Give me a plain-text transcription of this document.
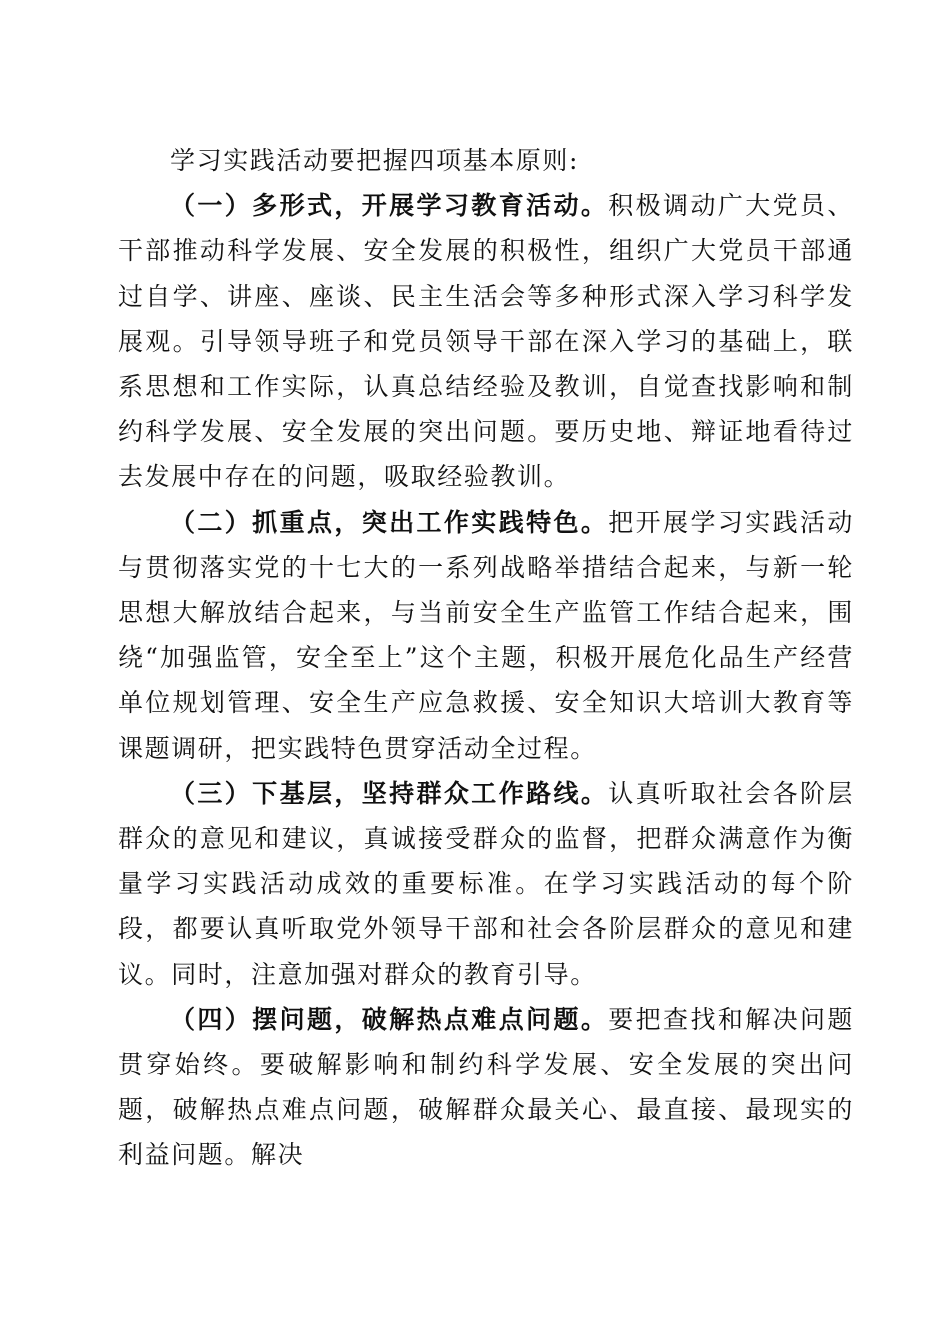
学习实践活动要把握四项基本原则:

（一）多形式，开展学习教育活动。积极调动广大党员、干部推动科学发展、安全发展的积极性，组织广大党员干部通过自学、讲座、座谈、民主生活会等多种形式深入学习科学发展观。引导领导班子和党员领导干部在深入学习的基础上，联系思想和工作实际，认真总结经验及教训，自觉查找影响和制约科学发展、安全发展的突出问题。要历史地、辩证地看待过去发展中存在的问题，吸取经验教训。

（二）抓重点，突出工作实践特色。把开展学习实践活动与贯彻落实党的十七大的一系列战略举措结合起来，与新一轮思想大解放结合起来，与当前安全生产监管工作结合起来，围绕“加强监管，安全至上”这个主题，积极开展危化品生产经营单位规划管理、安全生产应急救援、安全知识大培训大教育等课题调研，把实践特色贯穿活动全过程。

（三）下基层，坚持群众工作路线。认真听取社会各阶层群众的意见和建议，真诚接受群众的监督，把群众满意作为衡量学习实践活动成效的重要标准。在学习实践活动的每个阶段，都要认真听取党外领导干部和社会各阶层群众的意见和建议。同时，注意加强对群众的教育引导。

（四）摆问题，破解热点难点问题。要把查找和解决问题贯穿始终。要破解影响和制约科学发展、安全发展的突出问题，破解热点难点问题，破解群众最关心、最直接、最现实的利益问题。解决
